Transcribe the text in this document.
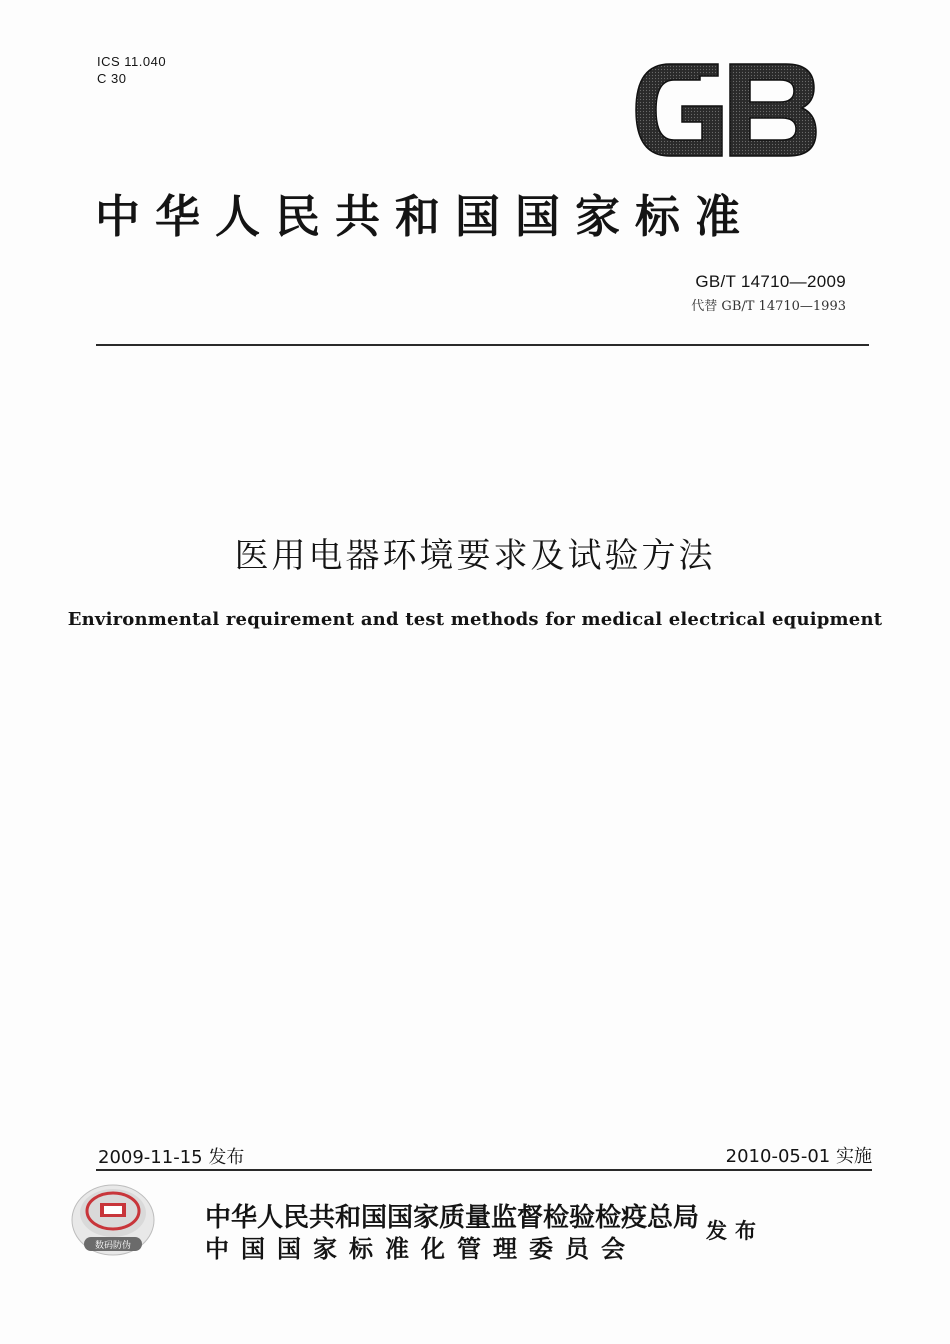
ICS 11.040
C 30
GB
中华人民共和国国家标准
GB/T 14710—2009
代替 GB/T 14710—1993
医用电器环境要求及试验方法
Environmental requirement and test methods for medical electrical equipment
2009-11-15 发布	2010-05-01 实施
数码防伪
中华人民共和国国家质量监督检验检疫总局
中国国家标准化管理委员会
发布
